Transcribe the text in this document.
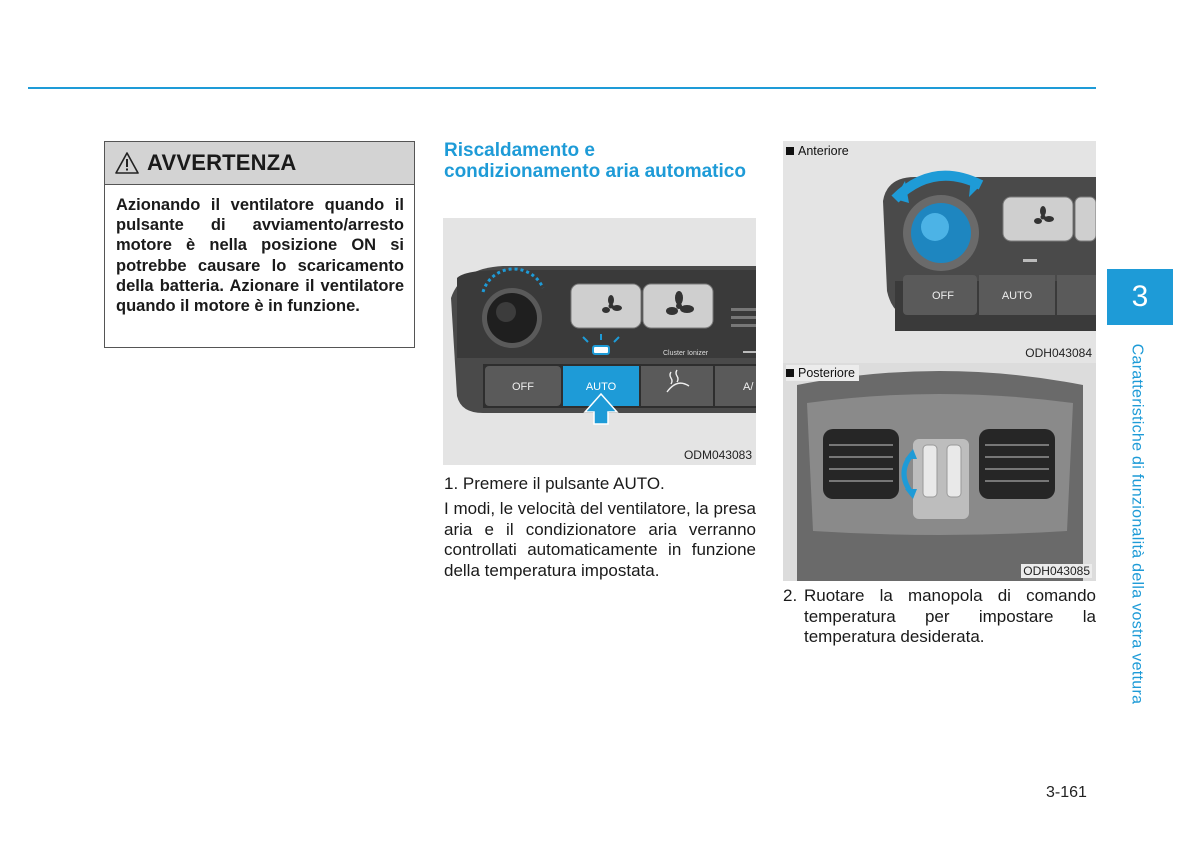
AVVERTENZA
Azionando il ventilatore quando il pulsante di avviamento/arresto motore è nella posizione ON si potrebbe causare lo scaricamento della batteria. Azionare il ventilatore quando il motore è in funzione.
Riscaldamento e condizionamento aria automatico
Cluster Ionizer
OFF	AUTO	A/
ODM043083
1. Premere il pulsante AUTO.
I modi, le velocità del ventilatore, la presa aria e il condizionatore aria verranno controllati automaticamente in funzione della temperatura impostata.
OFF	AUTO
Anteriore
ODH043084
Posteriore
ODH043085
2. Ruotare la manopola di comando temperatura per impostare la temperatura desiderata.
3
Caratteristiche di funzionalità della vostra vettura
3-161
